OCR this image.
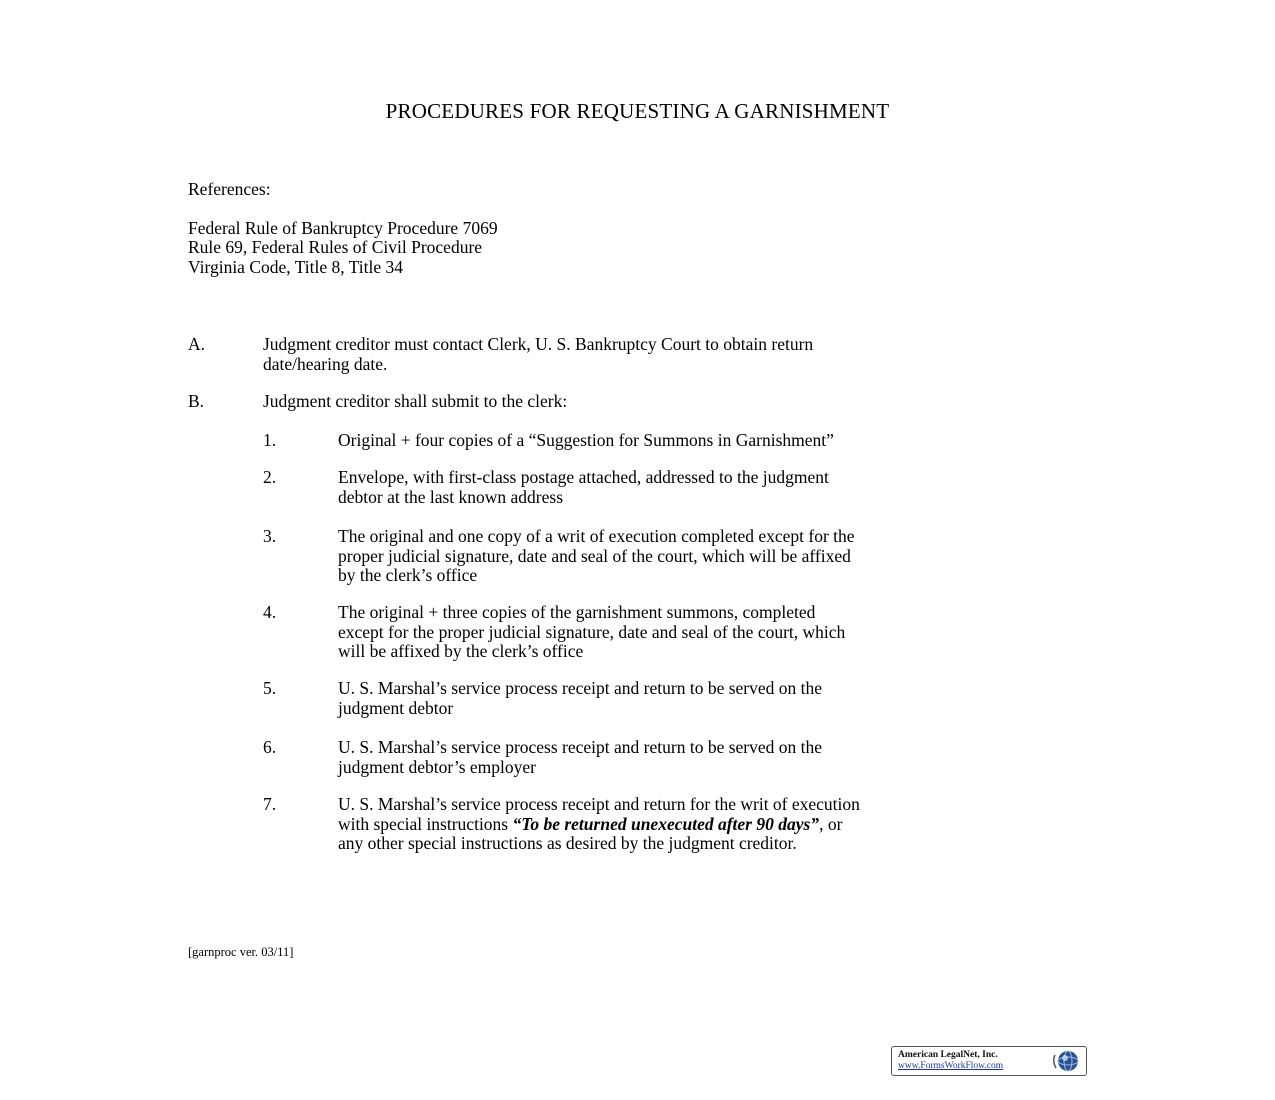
PROCEDURES FOR REQUESTING A GARNISHMENT
References:
Federal Rule of Bankruptcy Procedure 7069
Rule 69, Federal Rules of Civil Procedure
Virginia Code, Title 8, Title 34
A.	Judgment creditor must contact Clerk, U. S. Bankruptcy Court to obtain return
date/hearing date.
B.	Judgment creditor shall submit to the clerk:
1.	Original + four copies of a “Suggestion for Summons in Garnishment”
2.	Envelope, with first-class postage attached, addressed to the judgment
debtor at the last known address
3.	The original and one copy of a writ of execution completed except for the
proper judicial signature, date and seal of the court, which will be affixed
by the clerk’s office
4.	The original + three copies of the garnishment summons, completed
except for the proper judicial signature, date and seal of the court, which
will be affixed by the clerk’s office
5.	U. S. Marshal’s service process receipt and return to be served on the
judgment debtor
6.	U. S. Marshal’s service process receipt and return to be served on the
judgment debtor’s employer
7.	U. S. Marshal’s service process receipt and return for the writ of execution
with special instructions “To be returned unexecuted after 90 days”, or
any other special instructions as desired by the judgment creditor.
[garnproc ver. 03/11]
American LegalNet, Inc.
www.FormsWorkFlow.com
